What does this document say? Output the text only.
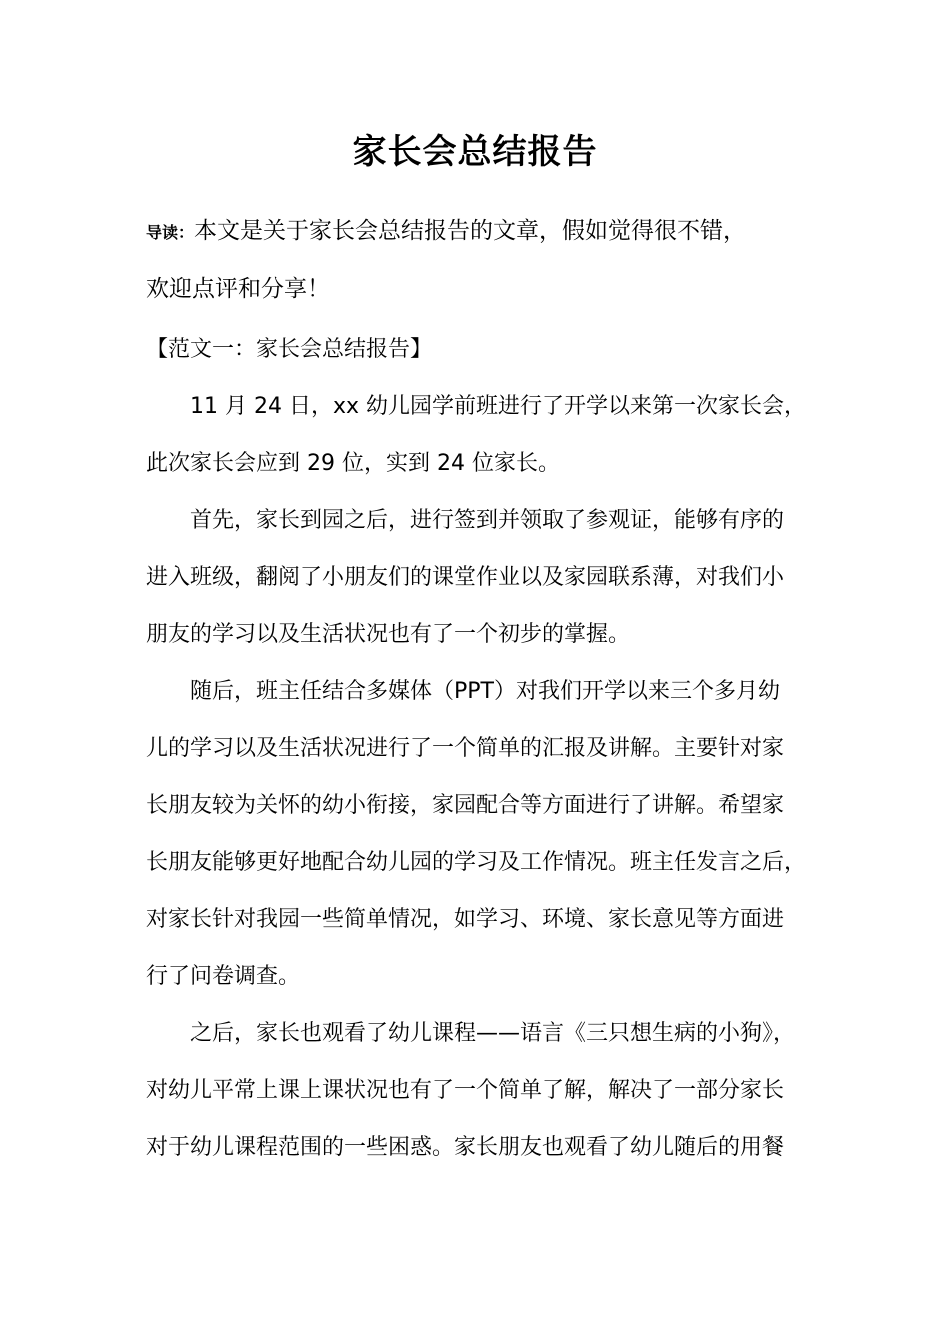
家长会总结报告
导读：本文是关于家长会总结报告的文章，假如觉得很不错，
欢迎点评和分享！
【范文一：家长会总结报告】
11 月 24 日，xx 幼儿园学前班进行了开学以来第一次家长会，
此次家长会应到 29 位，实到 24 位家长。
首先，家长到园之后，进行签到并领取了参观证，能够有序的
进入班级，翻阅了小朋友们的课堂作业以及家园联系薄，对我们小
朋友的学习以及生活状况也有了一个初步的掌握。
随后，班主任结合多媒体（PPT）对我们开学以来三个多月幼
儿的学习以及生活状况进行了一个简单的汇报及讲解。主要针对家
长朋友较为关怀的幼小衔接，家园配合等方面进行了讲解。希望家
长朋友能够更好地配合幼儿园的学习及工作情况。班主任发言之后，
对家长针对我园一些简单情况，如学习、环境、家长意见等方面进
行了问卷调查。
之后，家长也观看了幼儿课程——语言《三只想生病的小狗》，
对幼儿平常上课上课状况也有了一个简单了解，解决了一部分家长
对于幼儿课程范围的一些困惑。家长朋友也观看了幼儿随后的用餐
